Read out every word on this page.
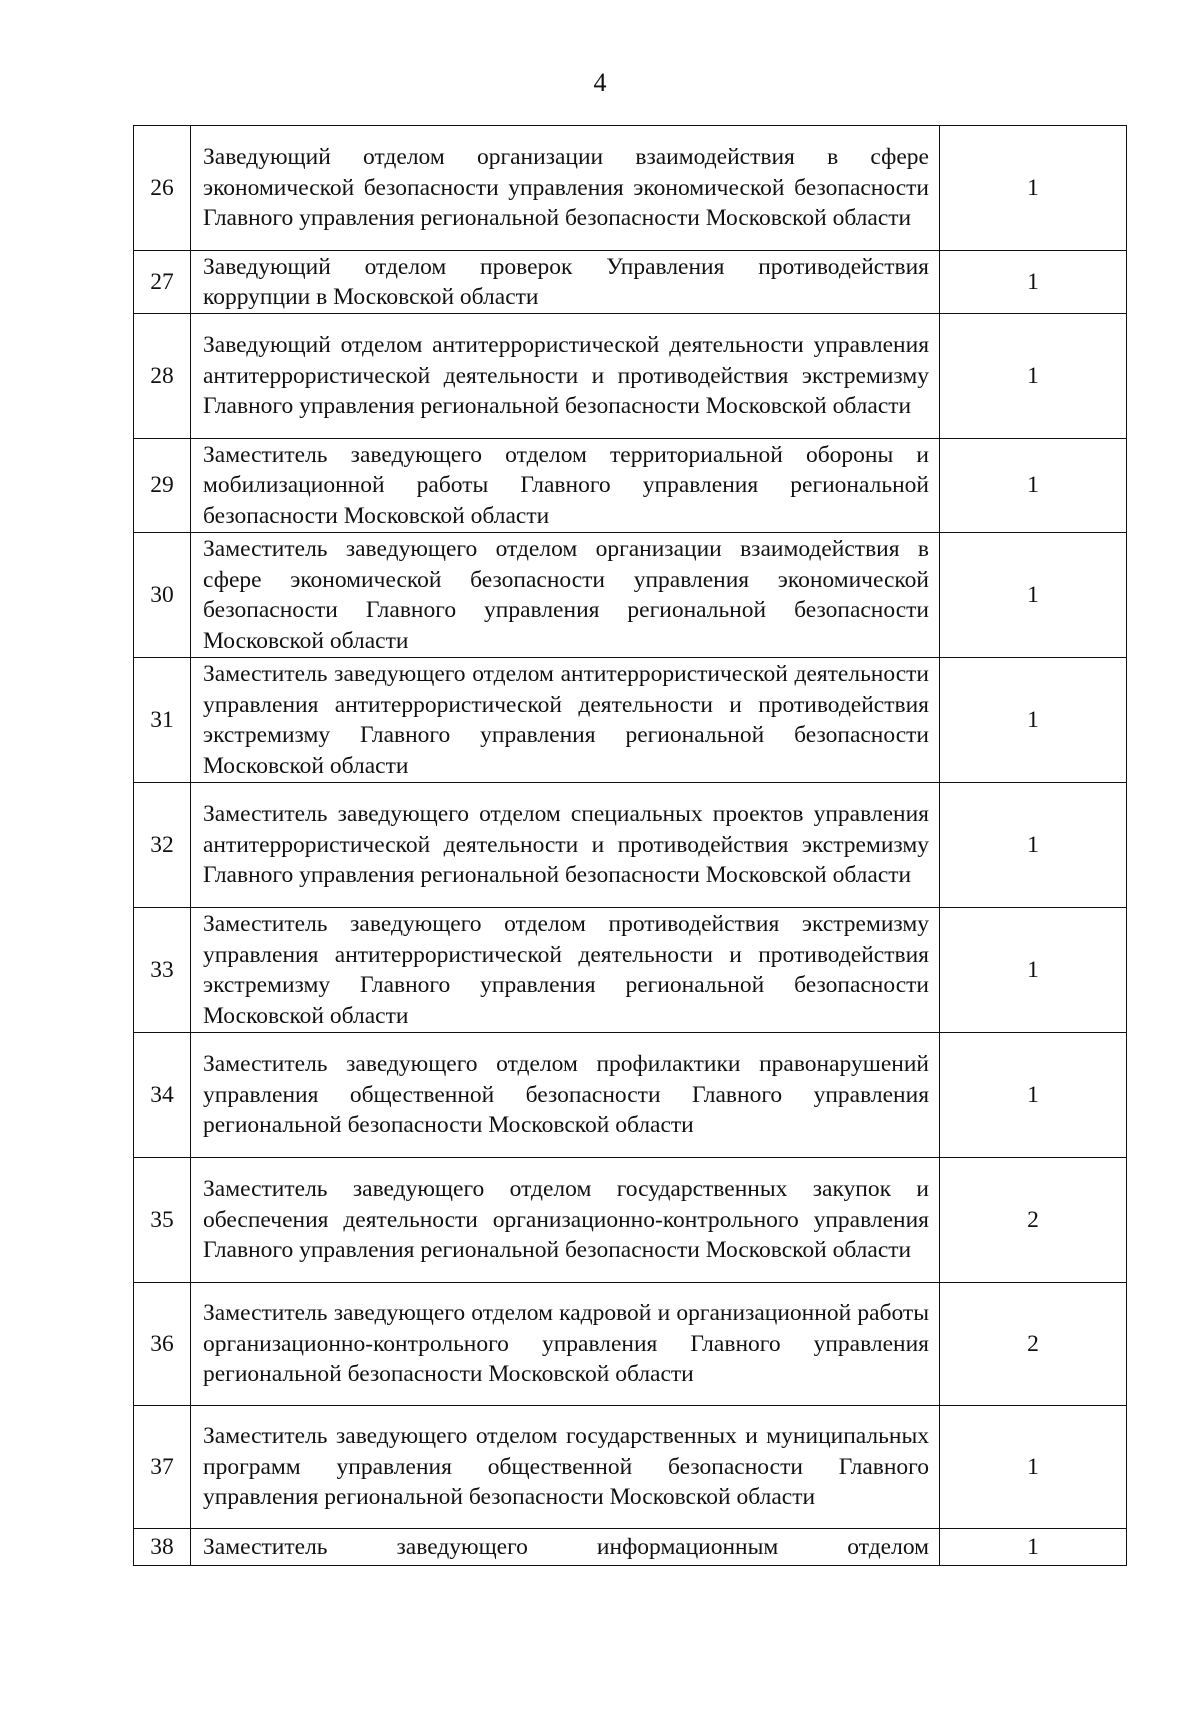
4
26	Заведующий отделом организации взаимодействия в сфере экономической безопасности управления экономической безопасности Главного управления региональной безопасности Московской области	1
27	Заведующий отделом проверок Управления противодействия коррупции в Московской области	1
28	Заведующий отделом антитеррористической деятельности управления антитеррористической деятельности и противодействия экстремизму Главного управления региональной безопасности Московской области	1
29	Заместитель заведующего отделом территориальной обороны и мобилизационной работы Главного управления региональной безопасности Московской области	1
30	Заместитель заведующего отделом организации взаимодействия в сфере экономической безопасности управления экономической безопасности Главного управления региональной безопасности Московской области	1
31	Заместитель заведующего отделом антитеррористической деятельности управления антитеррористической деятельности и противодействия экстремизму Главного управления региональной безопасности Московской области	1
32	Заместитель заведующего отделом специальных проектов управления антитеррористической деятельности и противодействия экстремизму Главного управления региональной безопасности Московской области	1
33	Заместитель заведующего отделом противодействия экстремизму управления антитеррористической деятельности и противодействия экстремизму Главного управления региональной безопасности Московской области	1
34	Заместитель заведующего отделом профилактики правонарушений управления общественной безопасности Главного управления региональной безопасности Московской области	1
35	Заместитель заведующего отделом государственных закупок и обеспечения деятельности организационно-контрольного управления Главного управления региональной безопасности Московской области	2
36	Заместитель заведующего отделом кадровой и организационной работы организационно-контрольного управления Главного управления региональной безопасности Московской области	2
37	Заместитель заведующего отделом государственных и муниципальных программ управления общественной безопасности Главного управления региональной безопасности Московской области	1
38	Заместитель заведующего информационным отделом	1
